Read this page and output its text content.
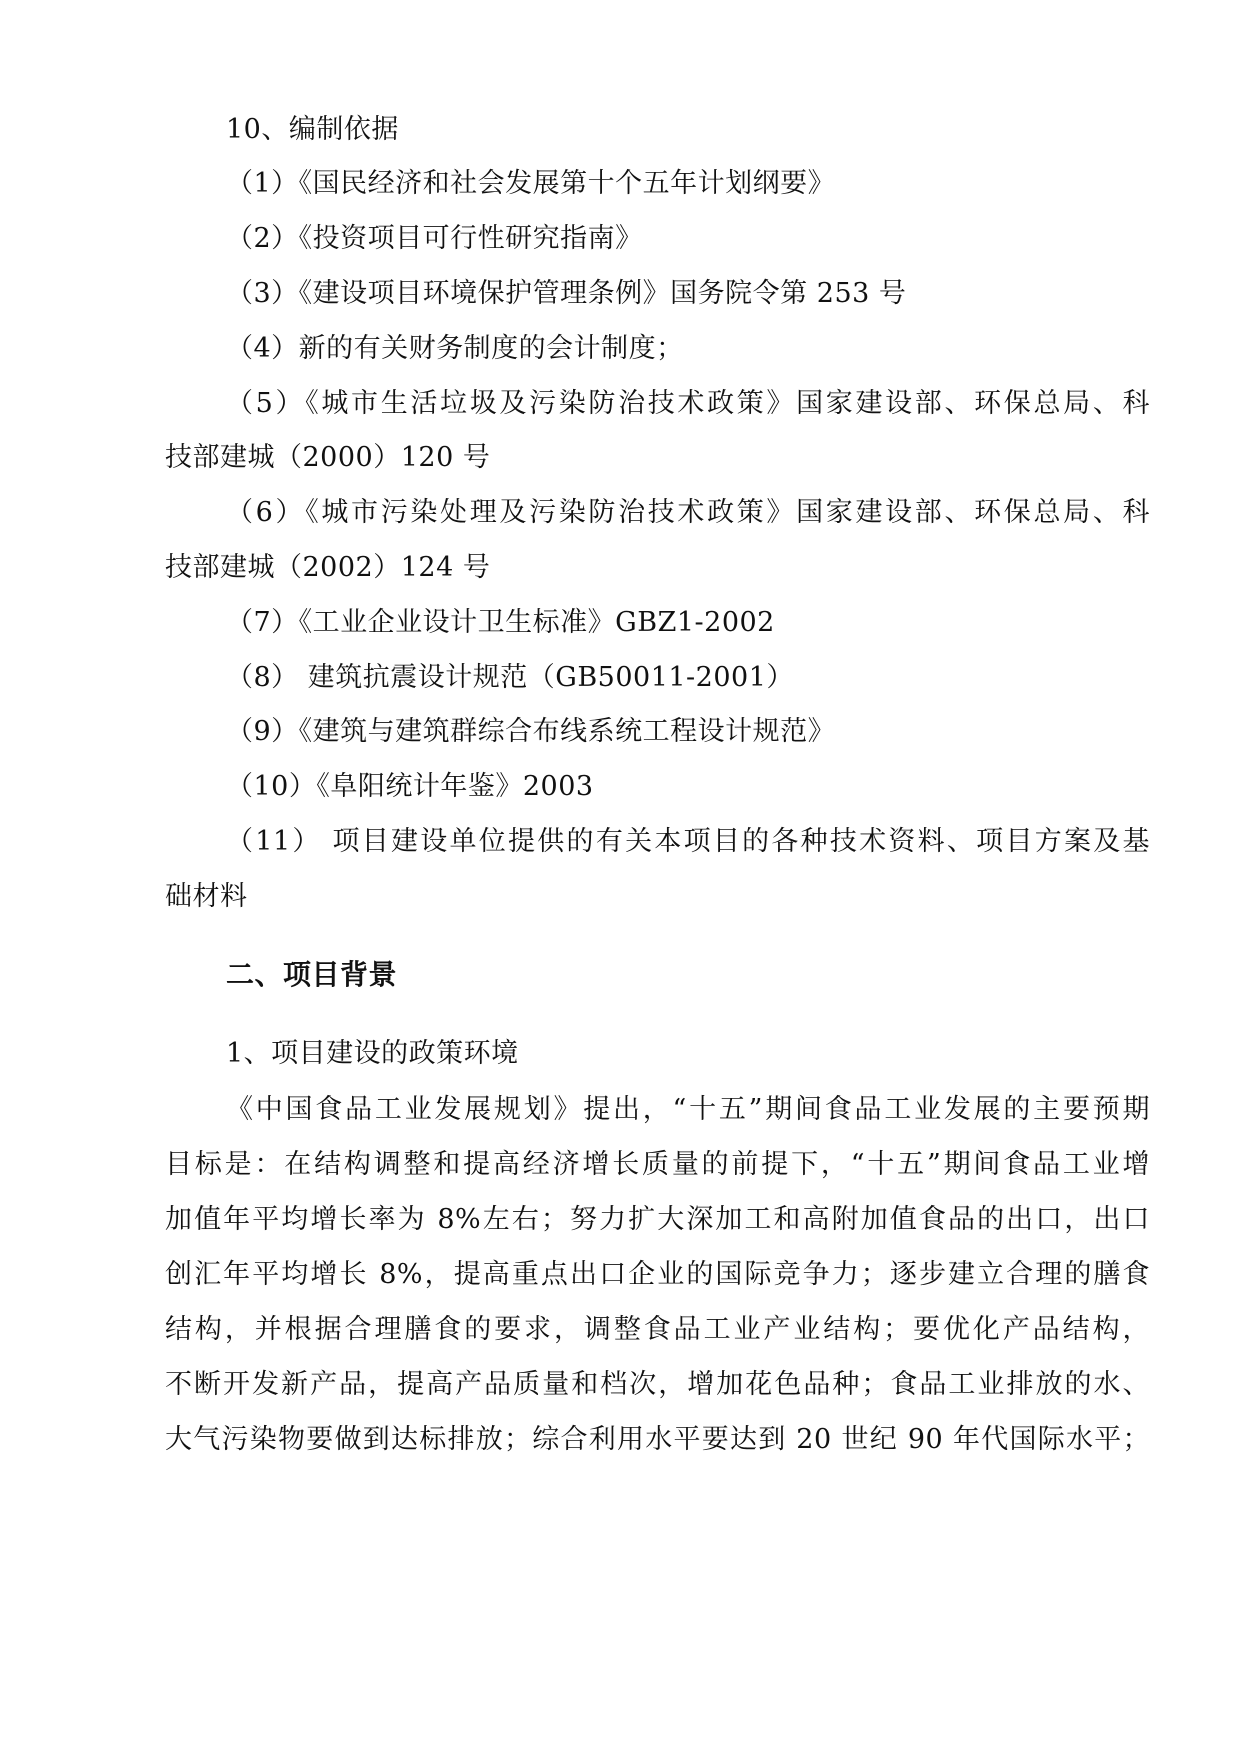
10、编制依据
（1）《国民经济和社会发展第十个五年计划纲要》
（2）《投资项目可行性研究指南》
（3）《建设项目环境保护管理条例》国务院令第 253 号
（4）新的有关财务制度的会计制度；
（5）《城市生活垃圾及污染防治技术政策》国家建设部、环保总局、科
技部建城（2000）120 号
（6）《城市污染处理及污染防治技术政策》国家建设部、环保总局、科
技部建城（2002）124 号
（7）《工业企业设计卫生标准》GBZ1-2002
（8） 建筑抗震设计规范（GB50011-2001）
（9）《建筑与建筑群综合布线系统工程设计规范》
（10）《阜阳统计年鉴》2003
（11） 项目建设单位提供的有关本项目的各种技术资料、项目方案及基
础材料
二、项目背景
1、项目建设的政策环境
《中国食品工业发展规划》提出，“十五”期间食品工业发展的主要预期
目标是：在结构调整和提高经济增长质量的前提下，“十五”期间食品工业增
加值年平均增长率为 8%左右；努力扩大深加工和高附加值食品的出口，出口
创汇年平均增长 8%，提高重点出口企业的国际竞争力；逐步建立合理的膳食
结构，并根据合理膳食的要求，调整食品工业产业结构；要优化产品结构，
不断开发新产品，提高产品质量和档次，增加花色品种；食品工业排放的水、
大气污染物要做到达标排放；综合利用水平要达到 20 世纪 90 年代国际水平；
